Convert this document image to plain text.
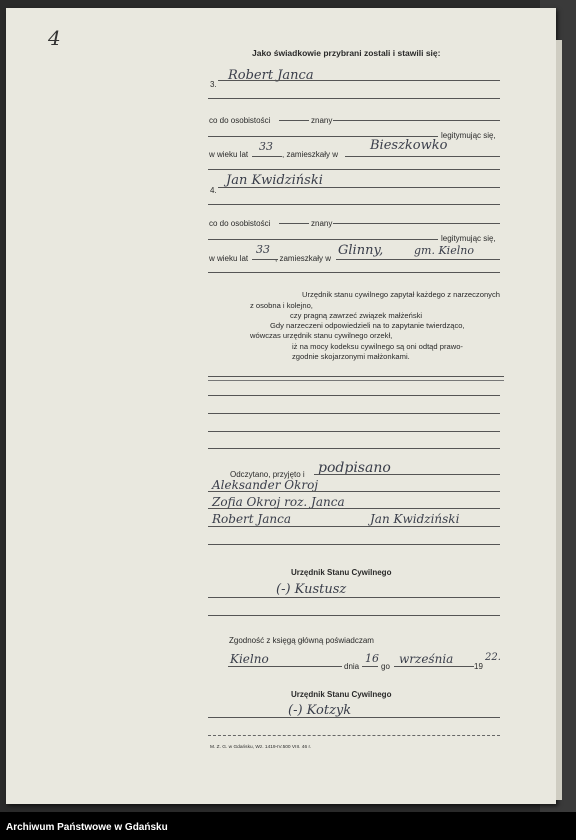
4
Jako świadkowie przybrani zostali i stawili się:
3.
Robert Janca
co do osobistości	znany
legitymując się,
w wieku lat
33
, zamieszkały w
Bieszkowko
4.
Jan Kwidziński
co do osobistości	znany
legitymując się,
w wieku lat
33
, zamieszkały w
Glinny,	gm. Kielno
Urzędnik stanu cywilnego zapytał każdego z narzeczonych
z osobna i kolejno,
czy pragną zawrzeć związek małżeński
Gdy narzeczeni odpowiedzieli na to zapytanie twierdząco,
wówczas urzędnik stanu cywilnego orzekł,
iż na mocy kodeksu cywilnego są oni odtąd prawo-
zgodnie skojarzonymi małżonkami.
Odczytano, przyjęto i podpisano
Aleksander Okroj
Zofia Okroj roz. Janca
Robert Janca	Jan Kwidziński
Urzędnik Stanu Cywilnego
(-) Kustusz
Zgodność z księgą główną poświadczam
Kielno
dnia
16
go
września
19
22.
Urzędnik Stanu Cywilnego
(-) Kotzyk
M. Z. G. w Gdańsku, Wz. 1419-IV.500 VIII. 46 r.
Archiwum Państwowe w Gdańsku
